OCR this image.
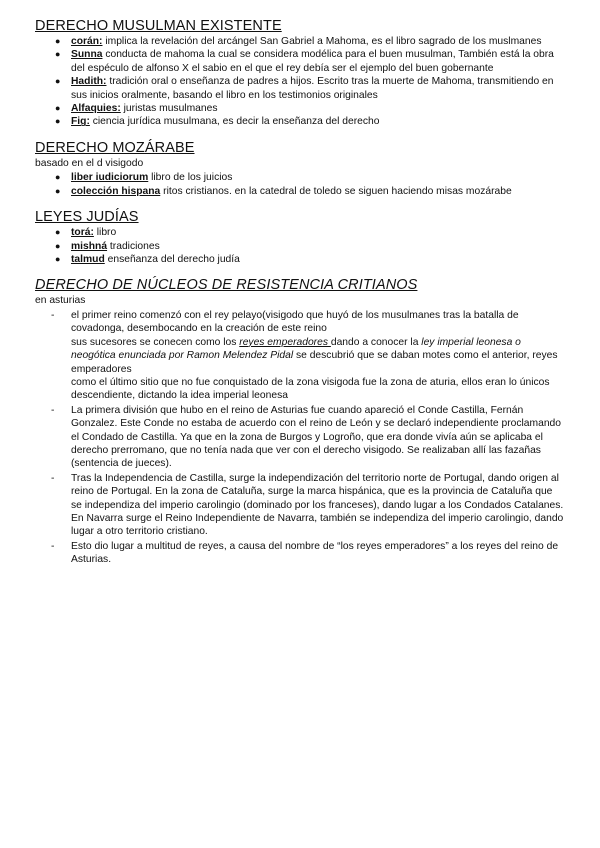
DERECHO MUSULMAN EXISTENTE
● corán: implica la revelación del arcángel San Gabriel a Mahoma, es el libro sagrado de los muslmanes
● Sunna conducta de mahoma la cual se considera modélica para el buen musulman, También está la obra del espéculo de alfonso X el sabio en el que el rey debía ser el ejemplo del buen gobernante
● Hadith: tradición oral o enseñanza de padres a hijos. Escrito tras la muerte de Mahoma, transmitiendo en sus inicios oralmente, basando el libro en los testimonios originales
● Alfaquies: juristas musulmanes
● Fig: ciencia jurídica musulmana, es decir la enseñanza del derecho
DERECHO MOZÁRABE

basado en el d visigodo

● liber iudiciorum libro de los juicios
● colección hispana ritos cristianos. en la catedral de toledo se siguen haciendo misas mozárabe
LEYES JUDÍAS
● torá: libro
● mishná tradiciones
● talmud enseñanza del derecho judía
DERECHO DE NÚCLEOS DE RESISTENCIA CRITIANOS

en asturias

- el primer reino comenzó con el rey pelayo(visigodo que huyó de los musulmanes tras la batalla de covadonga, desembocando en la creación de este reino
sus sucesores se conecen como los reyes emperadores dando a conocer la ley imperial leonesa o neogótica enunciada por Ramon Melendez Pidal se descubrió que se daban motes como el anterior, reyes emperadores
como el último sitio que no fue conquistado de la zona visigoda fue la zona de aturia, ellos eran lo únicos descendiente, dictando la idea imperial leonesa
- La primera división que hubo en el reino de Asturias fue cuando apareció el Conde Castilla, Fernán Gonzalez. Este Conde no estaba de acuerdo con el reino de León y se declaró independiente proclamando el Condado de Castilla. Ya que en la zona de Burgos y Logroño, que era donde vivía aún se aplicaba el derecho prerromano, que no tenía nada que ver con el derecho visigodo. Se realizaban allí las fazañas (sentencia de jueces).
- Tras la Independencia de Castilla, surge la independización del territorio norte de Portugal, dando origen al reino de Portugal. En la zona de Cataluña, surge la marca hispánica, que es la provincia de Cataluña que se independiza del imperio carolingio (dominado por los franceses), dando lugar a los Condados Catalanes. En Navarra surge el Reino Independiente de Navarra, también se independiza del imperio carolingio, dando lugar a otro territorio cristiano.
- Esto dio lugar a multitud de reyes, a causa del nombre de “los reyes emperadores” a los reyes del reino de Asturias.
